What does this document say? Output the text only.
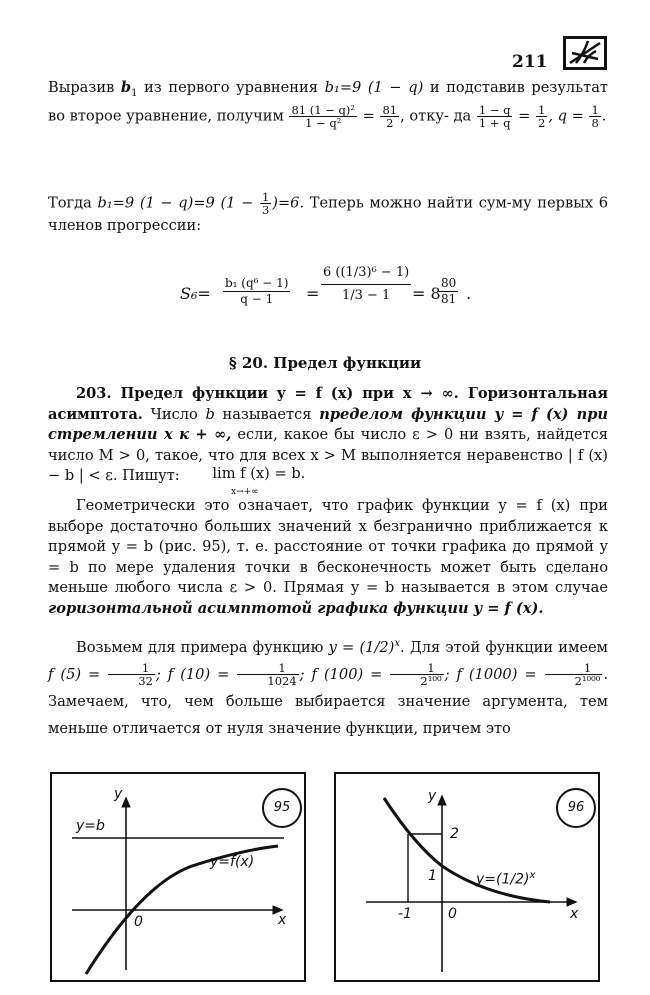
211
Выразив $b_1$ из первого уравнения b₁=9 (1 − q) и подставив результат во второе уравнение, получим $\frac{\text{81 (1 − q)²}}{\text{1 − q²}} = \frac{81}{2}$ , отку- да $\frac{1 - q}{1 + q} = \frac{1}{2}$ , $q = \frac{1}{8}$ .
Тогда b₁=9 (1 − q)=9 $(1 - \frac{1}{3} )=6$. Теперь можно найти сум-му первых 6 членов прогрессии:
$S_6= \frac{\text{b₁ (q⁶ − 1)}}{q - 1} = \frac{\text{6 ((1/3)⁶ − 1)}}{1/3 - 1} = 8$
$\frac{80}{81}$ .
§ 20. Предел функции
203. Предел функции y = f (x) при x → ∞. Горизонтальная асимптота. Число b называется пределом функции y = f (x) при стремлении x к + ∞, если, какое бы число ε > 0 ни взять, найдется число M > 0, такое, что для всех x > M выполняется неравенство | f (x) − b | < ε. Пишут: lim f (x) = b.
x→+∞
Геометрически это означает, что график функции y = f (x) при выборе достаточно больших значений x безгранично приближается к прямой y = b (рис. 95), т. е. расстояние от точки графика до прямой y = b по мере удаления точки в бесконечность может быть сделано меньше любого числа ε > 0. Прямая y = b называется в этом случае горизонтальной асимптотой графика функции y = f (x).
Возьмем для примера функцию $y = (1/2)^x$. Для этой функции имеем f $(5) = \frac{1}{32}$ ; f $(10) = \frac{1}{1024}$ ; f $(100) = \frac{1}{\text{2¹⁰⁰}}$ ; f $(1000) = \frac{1}{\text{2¹⁰⁰⁰}}$ . Замечаем, что, чем больше выбирается значение аргумента, тем меньше отличается от нуля значение функции, причем это
y
x
0
y=b
y=f(x)
95
y
x
0
-1
1
2
$y=(1/2)^x$
96
